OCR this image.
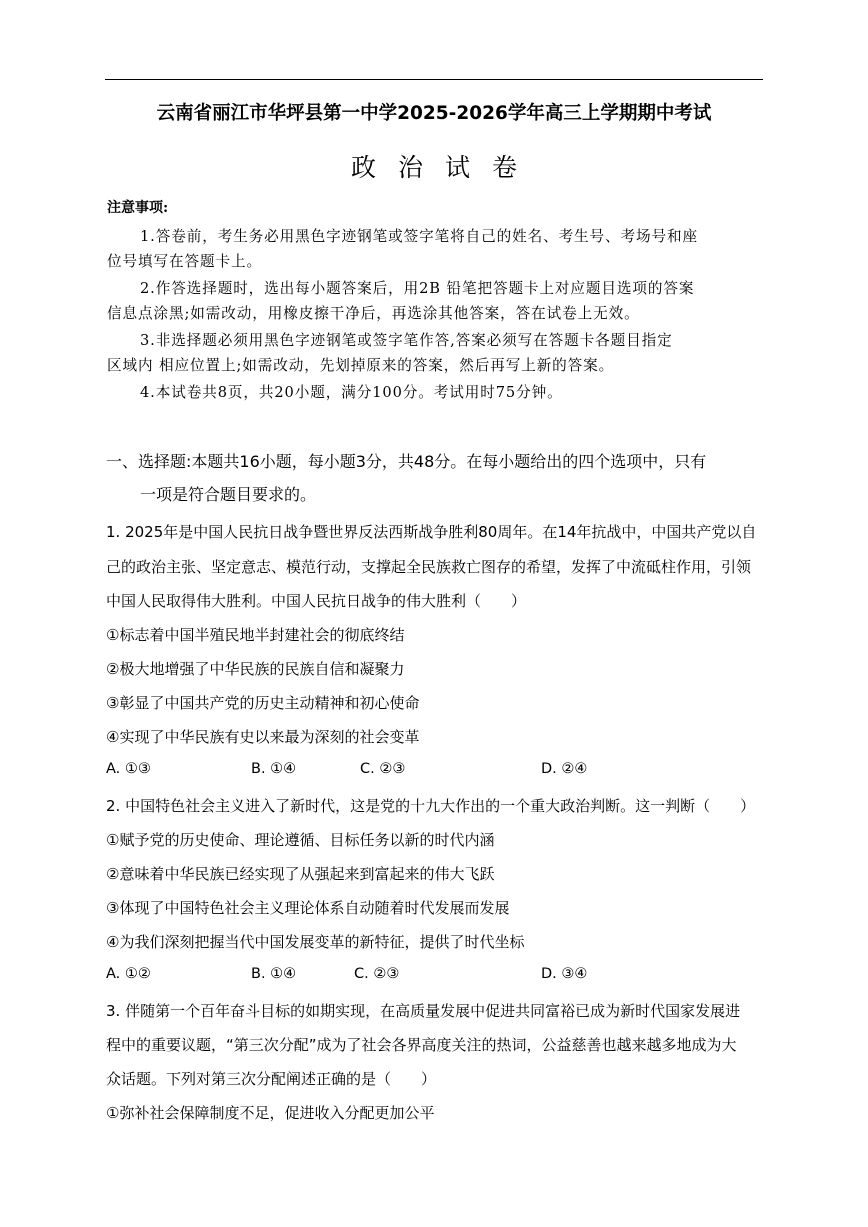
云南省丽江市华坪县第一中学2025-2026学年高三上学期期中考试
政治试卷
注意事项:
1.答卷前，考生务必用黑色字迹钢笔或签字笔将自己的姓名、考生号、考场号和座
位号填写在答题卡上。
2.作答选择题时，选出每小题答案后，用2B 铅笔把答题卡上对应题目选项的答案
信息点涂黑;如需改动，用橡皮擦干净后，再选涂其他答案，答在试卷上无效。
3.非选择题必须用黑色字迹钢笔或签字笔作答,答案必须写在答题卡各题目指定
区域内 相应位置上;如需改动，先划掉原来的答案，然后再写上新的答案。
4.本试卷共8页，共20小题，满分100分。考试用时75分钟。
一、选择题:本题共16小题，每小题3分，共48分。在每小题给出的四个选项中，只有
一项是符合题目要求的。
1. 2025年是中国人民抗日战争暨世界反法西斯战争胜利80周年。在14年抗战中，中国共产党以自
己的政治主张、坚定意志、模范行动，支撑起全民族救亡图存的希望，发挥了中流砥柱作用，引领
中国人民取得伟大胜利。中国人民抗日战争的伟大胜利（　　）
①标志着中国半殖民地半封建社会的彻底终结
②极大地增强了中华民族的民族自信和凝聚力
③彰显了中国共产党的历史主动精神和初心使命
④实现了中华民族有史以来最为深刻的社会变革
A. ①③	B. ①④	C. ②③	D. ②④
2. 中国特色社会主义进入了新时代，这是党的十九大作出的一个重大政治判断。这一判断（　　）
①赋予党的历史使命、理论遵循、目标任务以新的时代内涵
②意味着中华民族已经实现了从强起来到富起来的伟大飞跃
③体现了中国特色社会主义理论体系自动随着时代发展而发展
④为我们深刻把握当代中国发展变革的新特征，提供了时代坐标
A. ①②	B. ①④	C. ②③	D. ③④
3. 伴随第一个百年奋斗目标的如期实现，在高质量发展中促进共同富裕已成为新时代国家发展进
程中的重要议题，“第三次分配”成为了社会各界高度关注的热词，公益慈善也越来越多地成为大
众话题。下列对第三次分配阐述正确的是（　　）
①弥补社会保障制度不足，促进收入分配更加公平
